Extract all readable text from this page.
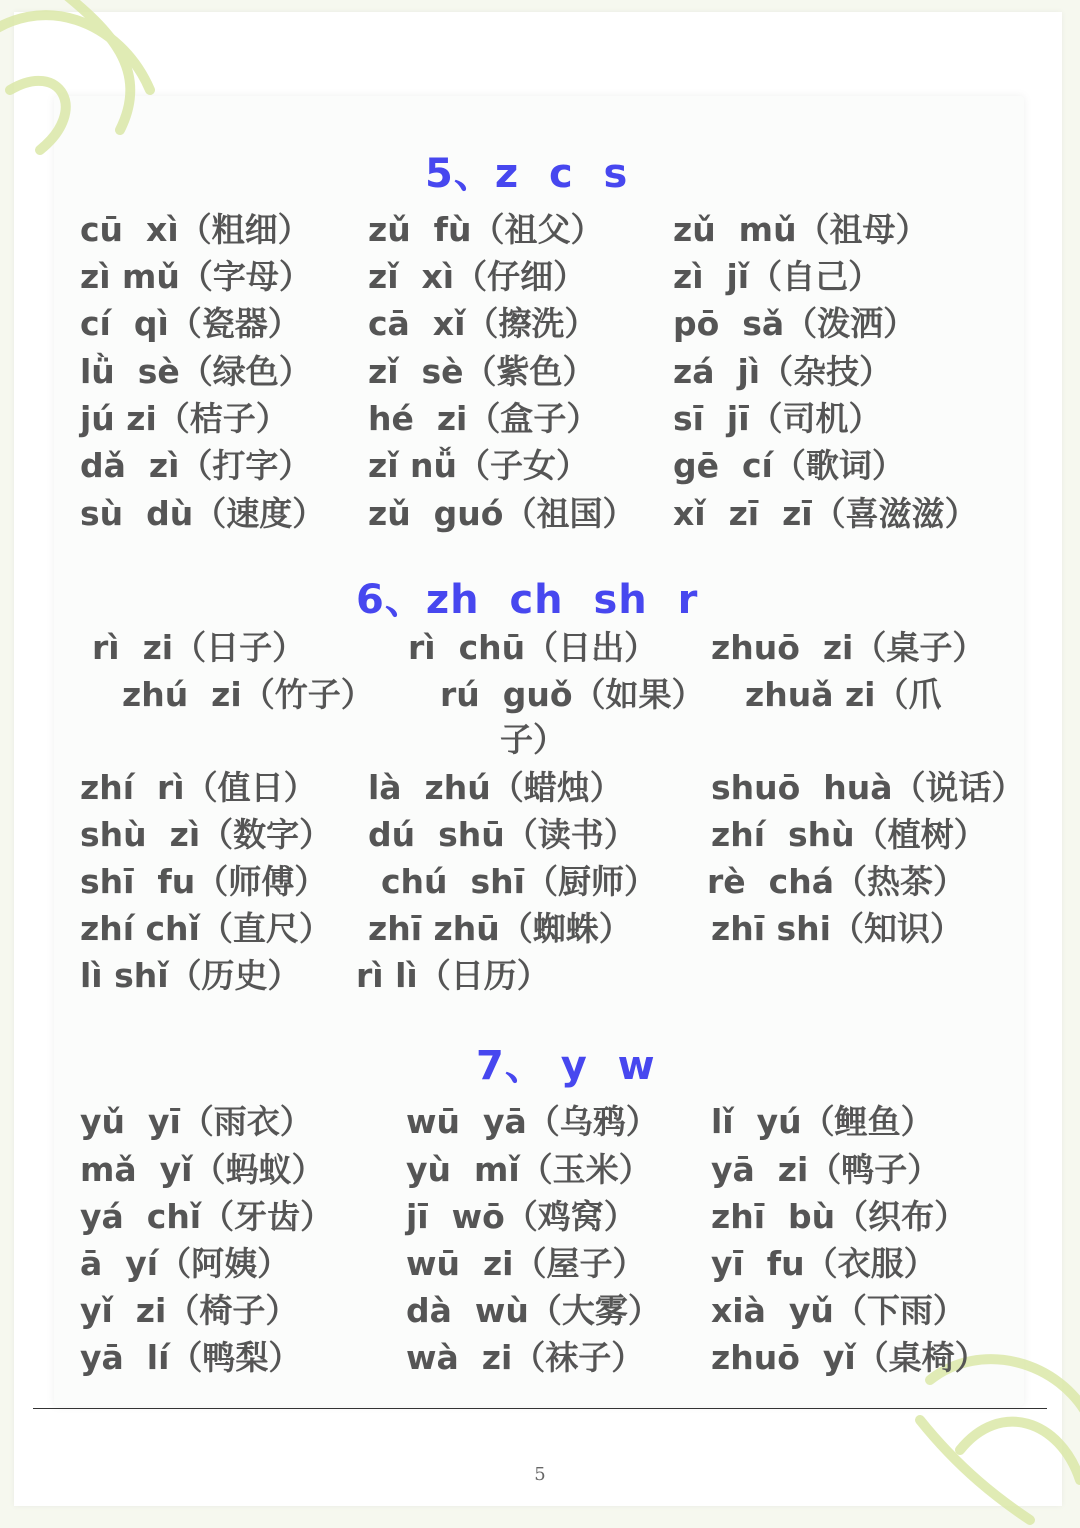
5、z  c  s
cū  xì（粗细） zǔ  fù（祖父） zǔ  mǔ（祖母）
zì mǔ（字母） zǐ  xì（仔细）	zì  jǐ（自己）
cí  qì（瓷器） cā  xǐ（擦洗） pō  sǎ（泼洒）
lǜ  sè（绿色） zǐ  sè（紫色） zá  jì（杂技）
jú zi（桔子） hé  zi（盒子） sī  jī（司机）
dǎ  zì（打字） zǐ nǚ（子女）	gē  cí（歌词）
sù  dù（速度） zǔ  guó（祖国） xǐ  zī  zī（喜滋滋）
6、zh  ch  sh  r
rì  zi（日子）	rì  chū（日出） zhuō  zi（桌子）
zhú  zi（竹子） rú  guǒ（如果） zhuǎ zi（爪
子）
zhí  rì（值日） là  zhú（蜡烛）	shuō  huà（说话）
shù  zì（数字） dú  shū（读书） zhí  shù（植树）
shī  fu（师傅） chú  shī（厨师） rè  chá（热茶）
zhí chǐ（直尺） zhī zhū（蜘蛛） zhī shi（知识）
lì shǐ（历史） rì lì（日历）
7、 y  w
yǔ  yī（雨衣）	wū  yā（乌鸦） lǐ  yú（鲤鱼）
mǎ  yǐ（蚂蚁） yù  mǐ（玉米） yā  zi（鸭子）
yá  chǐ（牙齿） jī  wō（鸡窝） zhī  bù（织布）
ā  yí（阿姨）	wū  zi（屋子） yī  fu（衣服）
yǐ  zi（椅子）	dà  wù（大雾） xià  yǔ（下雨）
yā  lí（鸭梨）	wà  zi（袜子） zhuō  yǐ（桌椅）
5
